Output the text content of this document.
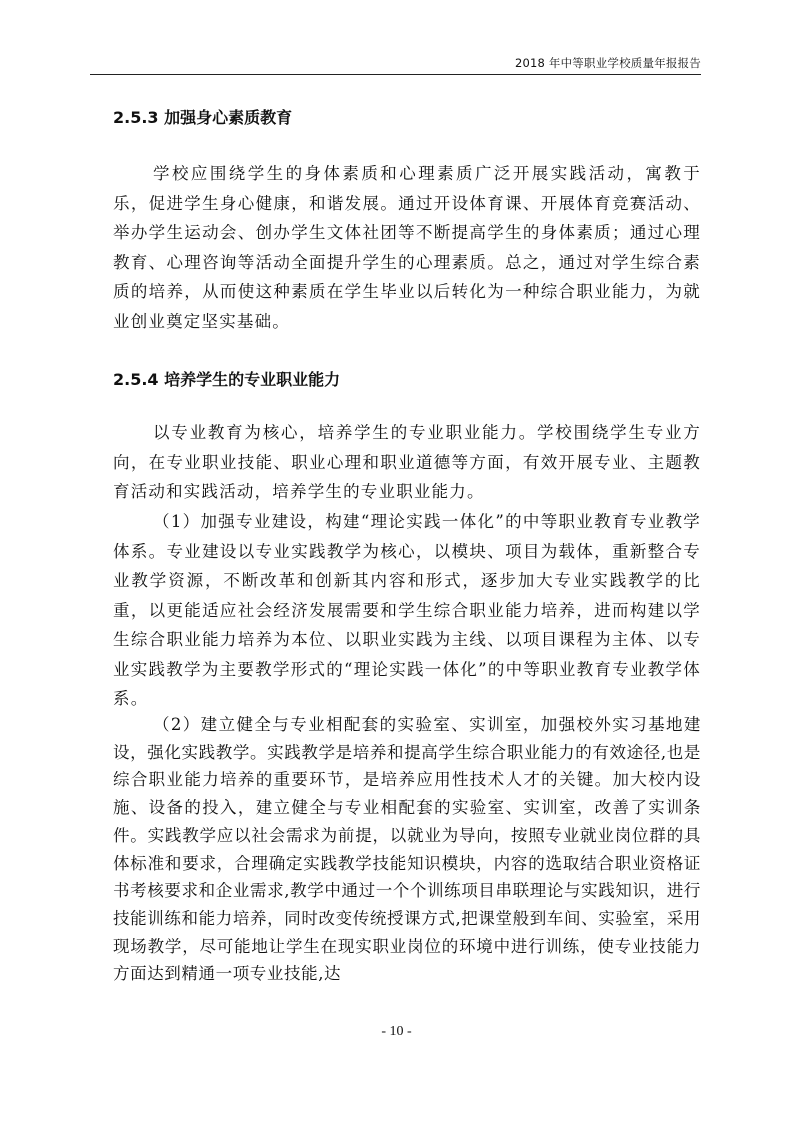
2018 年中等职业学校质量年报报告
2.5.3 加强身心素质教育

学校应围绕学生的身体素质和心理素质广泛开展实践活动，寓教于乐，促进学生身心健康，和谐发展。通过开设体育课、开展体育竞赛活动、举办学生运动会、创办学生文体社团等不断提高学生的身体素质；通过心理教育、心理咨询等活动全面提升学生的心理素质。总之，通过对学生综合素质的培养，从而使这种素质在学生毕业以后转化为一种综合职业能力，为就业创业奠定坚实基础。

2.5.4 培养学生的专业职业能力

以专业教育为核心，培养学生的专业职业能力。学校围绕学生专业方向，在专业职业技能、职业心理和职业道德等方面，有效开展专业、主题教育活动和实践活动，培养学生的专业职业能力。

（1）加强专业建设，构建“理论实践一体化”的中等职业教育专业教学体系。专业建设以专业实践教学为核心，以模块、项目为载体，重新整合专业教学资源，不断改革和创新其内容和形式，逐步加大专业实践教学的比重，以更能适应社会经济发展需要和学生综合职业能力培养，进而构建以学生综合职业能力培养为本位、以职业实践为主线、以项目课程为主体、以专业实践教学为主要教学形式的“理论实践一体化”的中等职业教育专业教学体系。

（2）建立健全与专业相配套的实验室、实训室，加强校外实习基地建设，强化实践教学。实践教学是培养和提高学生综合职业能力的有效途径,也是综合职业能力培养的重要环节，是培养应用性技术人才的关键。加大校内设施、设备的投入，建立健全与专业相配套的实验室、实训室，改善了实训条件。实践教学应以社会需求为前提，以就业为导向，按照专业就业岗位群的具体标准和要求，合理确定实践教学技能知识模块，内容的选取结合职业资格证书考核要求和企业需求,教学中通过一个个训练项目串联理论与实践知识，进行技能训练和能力培养，同时改变传统授课方式,把课堂般到车间、实验室，采用现场教学，尽可能地让学生在现实职业岗位的环境中进行训练，使专业技能力方面达到精通一项专业技能,达

- 10 -
